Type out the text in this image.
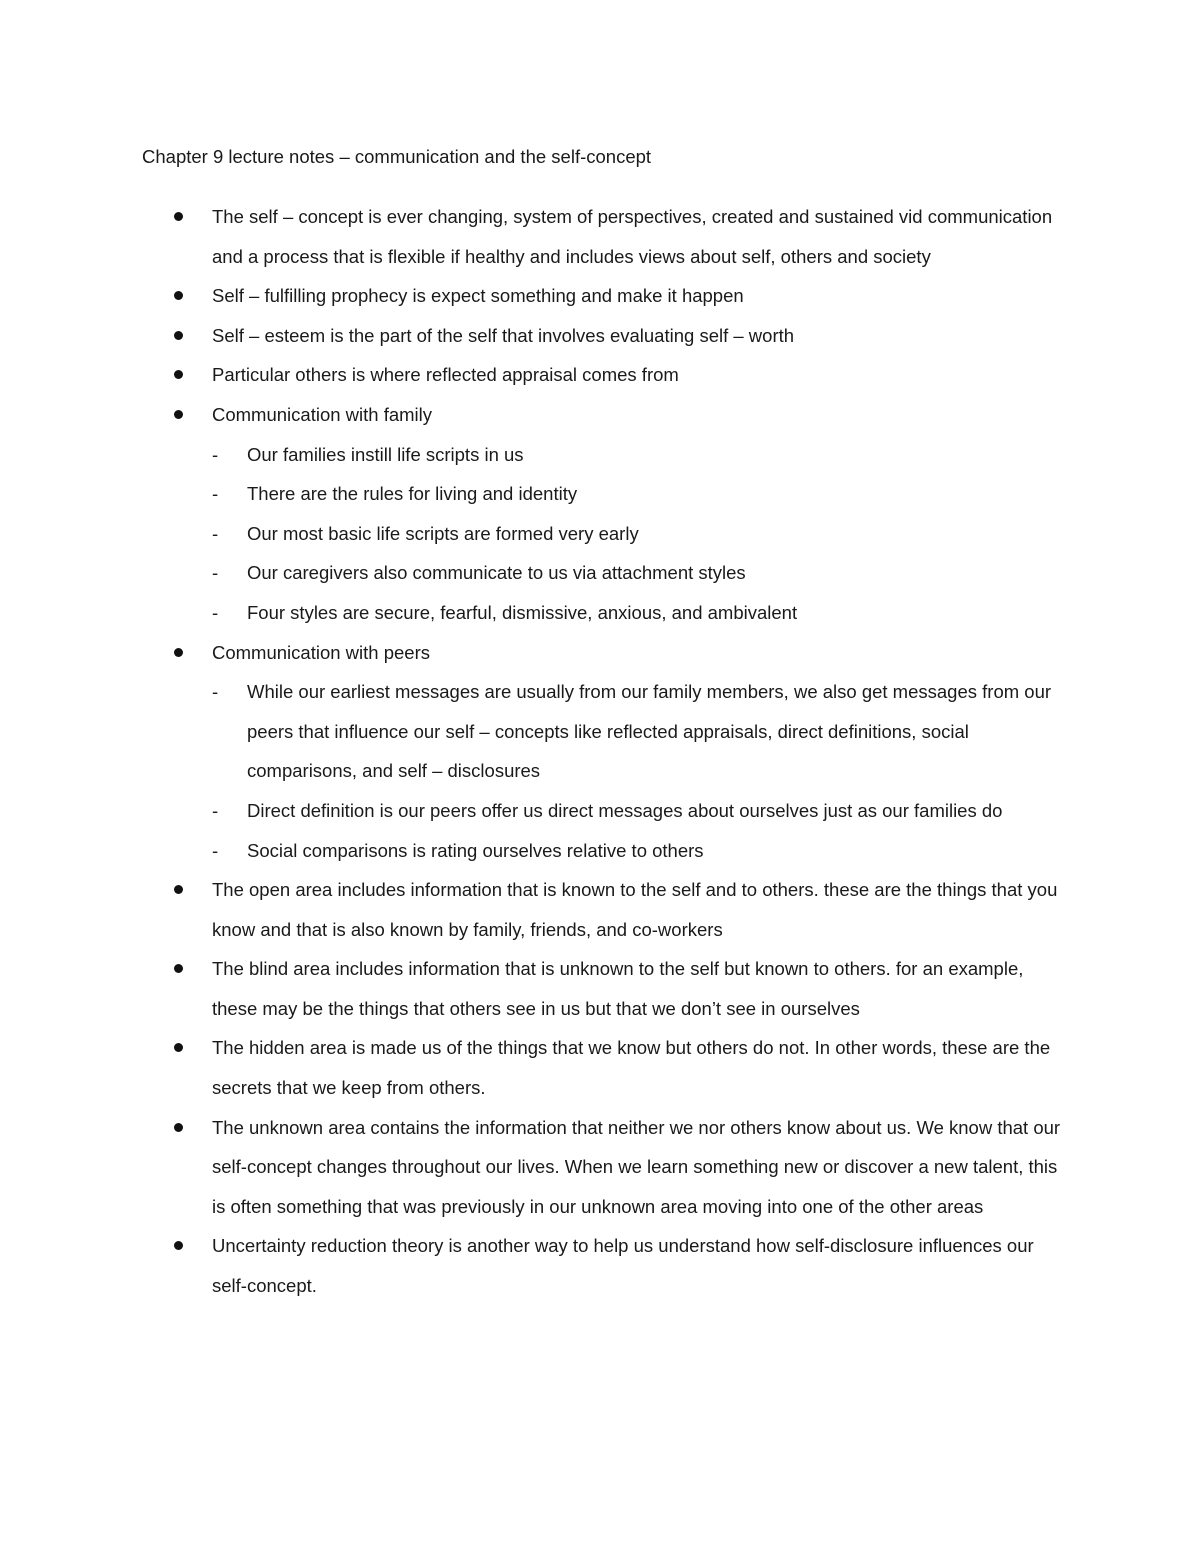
Chapter 9 lecture notes – communication and the self-concept
The self – concept is ever changing, system of perspectives, created and sustained vid communication and a process that is flexible if healthy and includes views about self, others and society
Self – fulfilling prophecy is expect something and make it happen
Self – esteem is the part of the self that involves evaluating self – worth
Particular others is where reflected appraisal comes from
Communication with family
- Our families instill life scripts in us
- There are the rules for living and identity
- Our most basic life scripts are formed very early
- Our caregivers also communicate to us via attachment styles
- Four styles are secure, fearful, dismissive, anxious, and ambivalent
Communication with peers
- While our earliest messages are usually from our family members, we also get messages from our peers that influence our self – concepts like reflected appraisals, direct definitions, social comparisons, and self – disclosures
- Direct definition is our peers offer us direct messages about ourselves just as our families do
- Social comparisons is rating ourselves relative to others
The open area includes information that is known to the self and to others. these are the things that you know and that is also known by family, friends, and co-workers
The blind area includes information that is unknown to the self but known to others. for an example, these may be the things that others see in us but that we don’t see in ourselves
The hidden area is made us of the things that we know but others do not. In other words, these are the secrets that we keep from others.
The unknown area contains the information that neither we nor others know about us. We know that our self-concept changes throughout our lives. When we learn something new or discover a new talent, this is often something that was previously in our unknown area moving into one of the other areas
Uncertainty reduction theory is another way to help us understand how self-disclosure influences our self-concept.
